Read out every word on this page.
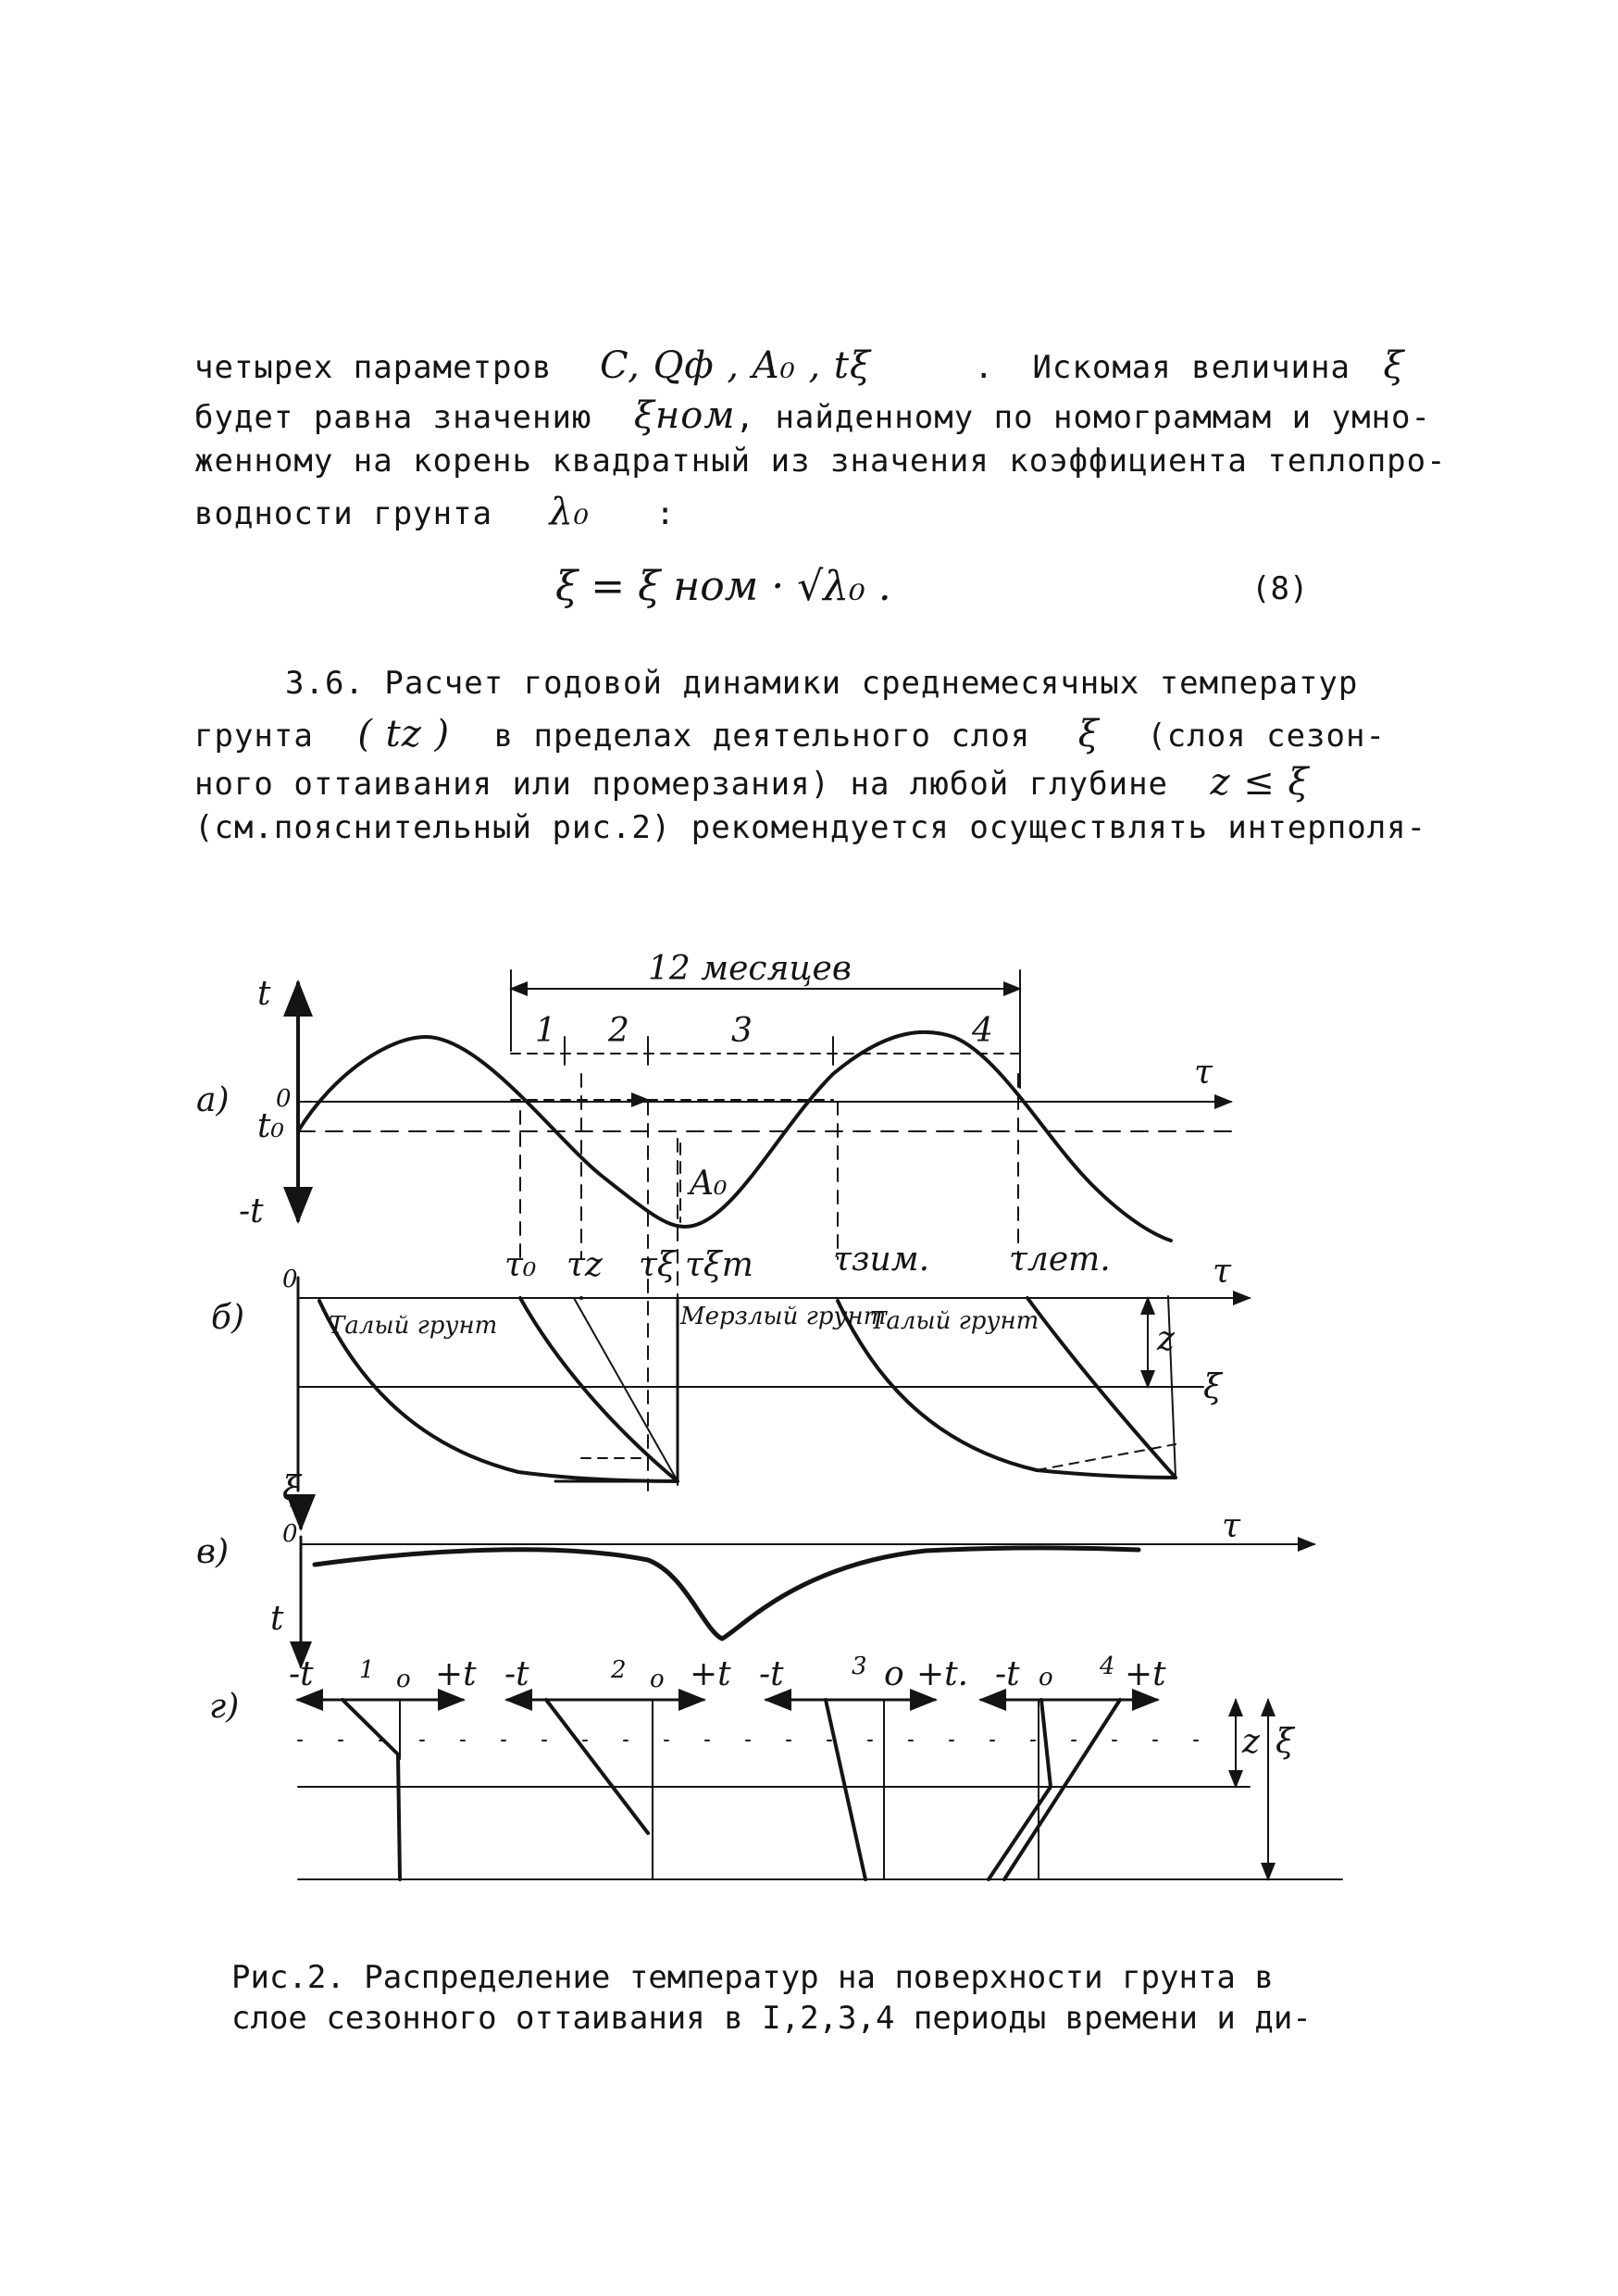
четырех параметров C, Qф , A₀ , tξ	. Искомая величина ξ
будет равна значению ξном, найденному по номограммам и умно-
женному на корень квадратный из значения коэффициента теплопро-
водности грунта λ₀ :
ξ = ξ ном · √λ₀ .	(8)
3.6. Расчет годовой динамики среднемесячных температур
грунта ( tz ) в пределах деятельного слоя ξ (слоя сезон-
ного оттаивания или промерзания) на любой глубине z ≤ ξ
(см.пояснительный рис.2) рекомендуется осуществлять интерполя-
12 месяцев
1 2	3	4
а)
t
t₀
0
-t
τ
A₀
б)
0	τ
τ₀ τz τξ τξm τзим. τлет.
Талый грунт	Мерзлый грунт
Талый грунт	z
ξ
в)
ξ
0
t
τ
г)
-t 1 o +t -t	2 o +t -t	3 o +t. -t o 4 +t
z ξ
Рис.2. Распределение температур на поверхности грунта в
слое сезонного оттаивания в I,2,3,4 периоды времени и ди-
